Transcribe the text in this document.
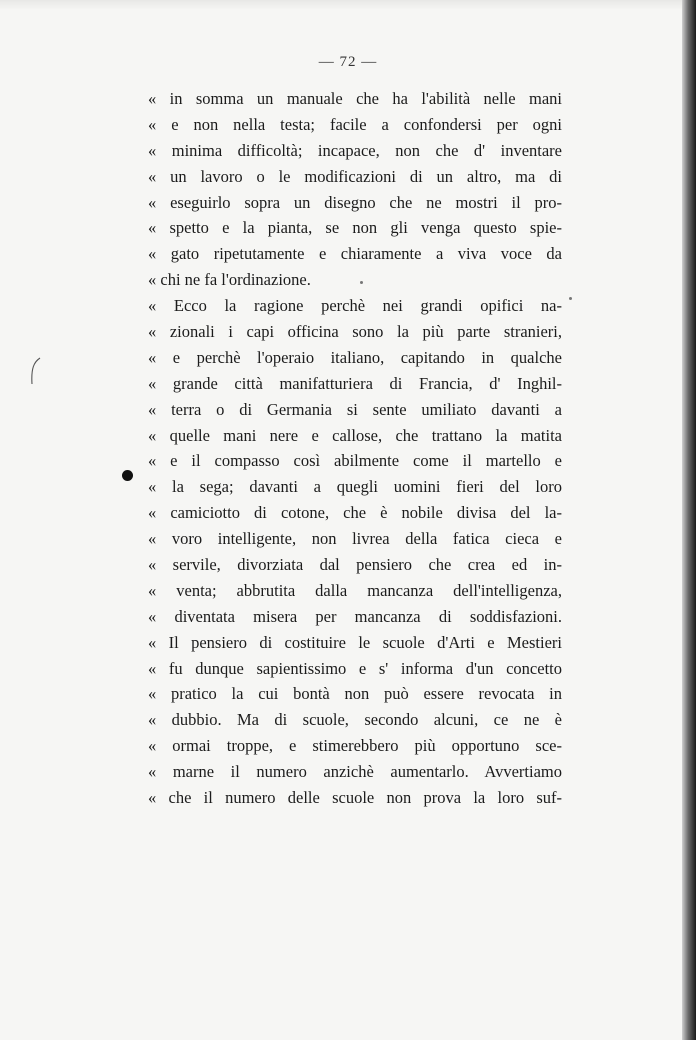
— 72 —
« in somma un manuale che ha l'abilità nelle mani
« e non nella testa; facile a confondersi per ogni
« minima difficoltà; incapace, non che d' inventare
« un lavoro o le modificazioni di un altro, ma di
« eseguirlo sopra un disegno che ne mostri il pro-
« spetto e la pianta, se non gli venga questo spie-
« gato ripetutamente e chiaramente a viva voce da
« chi ne fa l'ordinazione.
« Ecco la ragione perchè nei grandi opifici na-
« zionali i capi officina sono la più parte stranieri,
« e perchè l'operaio italiano, capitando in qualche
« grande città manifatturiera di Francia, d' Inghil-
« terra o di Germania si sente umiliato davanti a
« quelle mani nere e callose, che trattano la matita
« e il compasso così abilmente come il martello e
« la sega; davanti a quegli uomini fieri del loro
« camiciotto di cotone, che è nobile divisa del la-
« voro intelligente, non livrea della fatica cieca e
« servile, divorziata dal pensiero che crea ed in-
« venta; abbrutita dalla mancanza dell'intelligenza,
« diventata misera per mancanza di soddisfazioni.
« Il pensiero di costituire le scuole d'Arti e Mestieri
« fu dunque sapientissimo e s' informa d'un concetto
« pratico la cui bontà non può essere revocata in
« dubbio. Ma di scuole, secondo alcuni, ce ne è
« ormai troppe, e stimerebbero più opportuno sce-
« marne il numero anzichè aumentarlo. Avvertiamo
« che il numero delle scuole non prova la loro suf-
